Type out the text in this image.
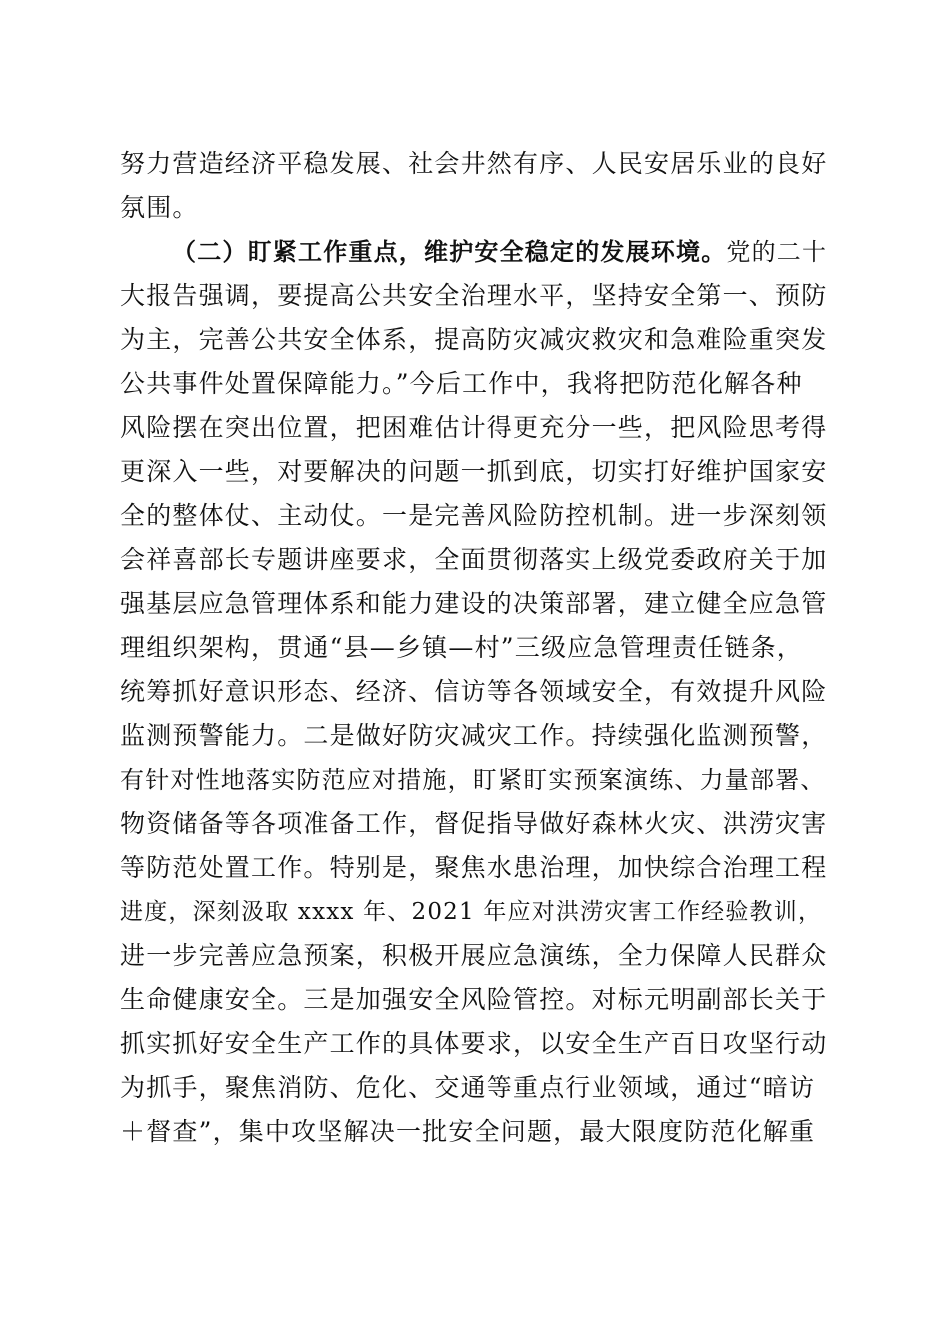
努力营造经济平稳发展、社会井然有序、人民安居乐业的良好
氛围。
（二）盯紧工作重点，维护安全稳定的发展环境。党的二十
大报告强调，要提高公共安全治理水平，坚持安全第一、预防
为主，完善公共安全体系，提高防灾减灾救灾和急难险重突发
公共事件处置保障能力。”今后工作中，我将把防范化解各种
风险摆在突出位置，把困难估计得更充分一些，把风险思考得
更深入一些，对要解决的问题一抓到底，切实打好维护国家安
全的整体仗、主动仗。一是完善风险防控机制。进一步深刻领
会祥喜部长专题讲座要求，全面贯彻落实上级党委政府关于加
强基层应急管理体系和能力建设的决策部署，建立健全应急管
理组织架构，贯通“县—乡镇—村”三级应急管理责任链条，
统筹抓好意识形态、经济、信访等各领域安全，有效提升风险
监测预警能力。二是做好防灾减灾工作。持续强化监测预警，
有针对性地落实防范应对措施，盯紧盯实预案演练、力量部署、
物资储备等各项准备工作，督促指导做好森林火灾、洪涝灾害
等防范处置工作。特别是，聚焦水患治理，加快综合治理工程
进度，深刻汲取 xxxx 年、2021 年应对洪涝灾害工作经验教训，
进一步完善应急预案，积极开展应急演练，全力保障人民群众
生命健康安全。三是加强安全风险管控。对标元明副部长关于
抓实抓好安全生产工作的具体要求，以安全生产百日攻坚行动
为抓手，聚焦消防、危化、交通等重点行业领域，通过“暗访
＋督查”，集中攻坚解决一批安全问题，最大限度防范化解重
